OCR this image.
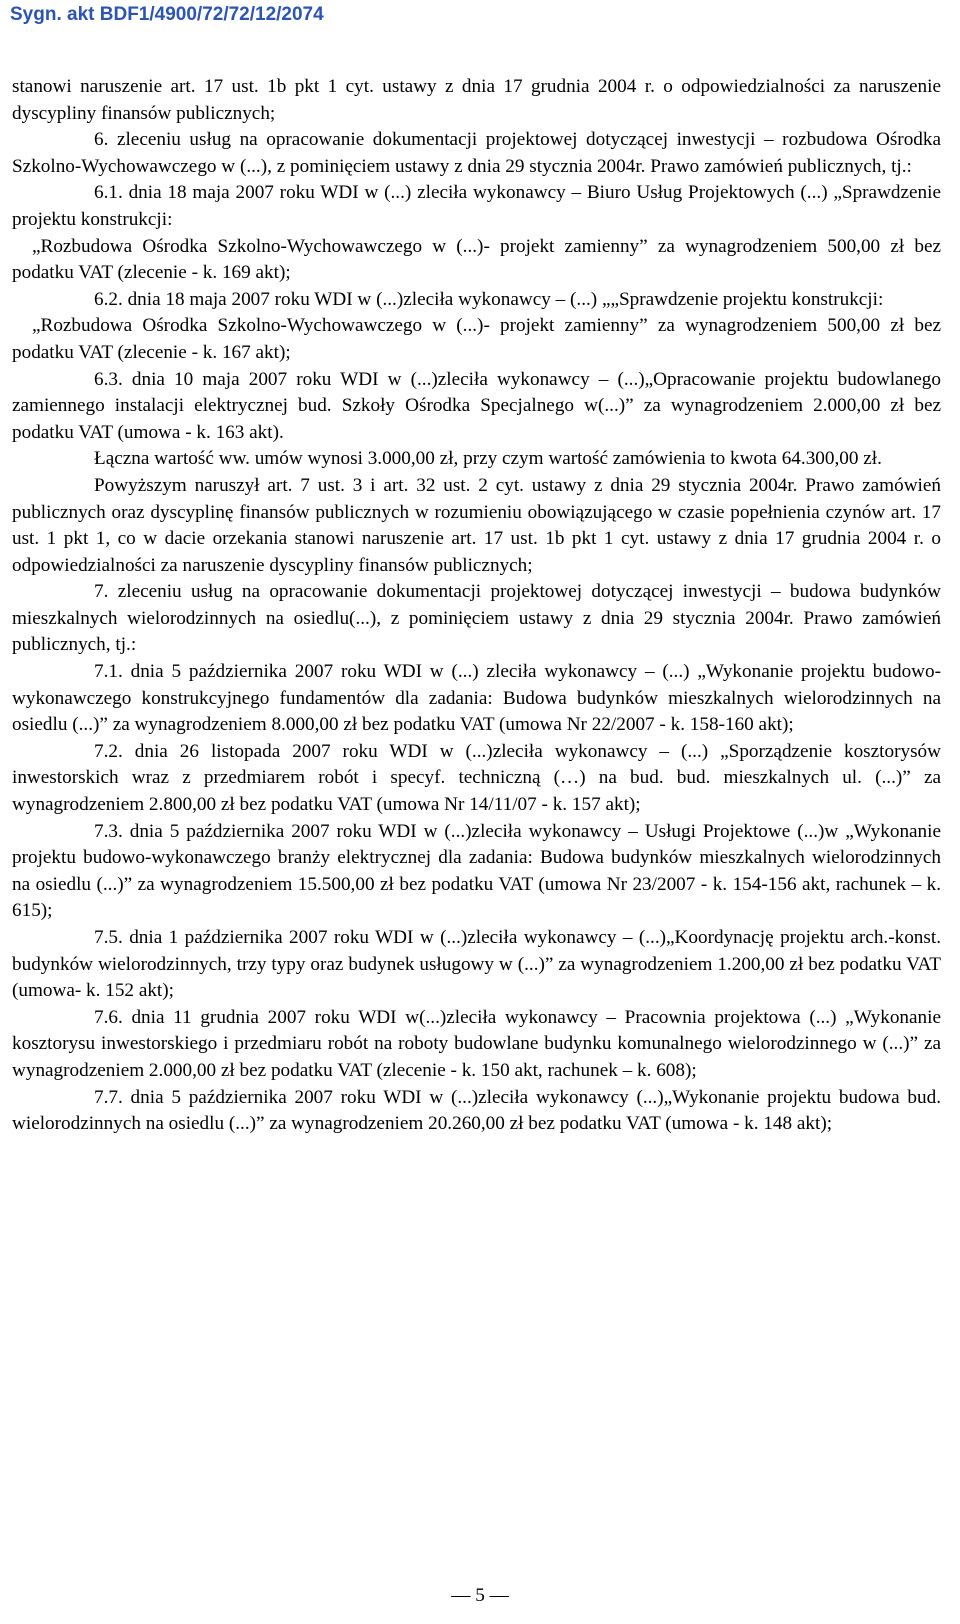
Sygn. akt BDF1/4900/72/72/12/2074

stanowi naruszenie art. 17 ust. 1b pkt 1 cyt. ustawy z dnia 17 grudnia 2004 r. o odpowiedzialności za naruszenie dyscypliny finansów publicznych;

6. zleceniu usług na opracowanie dokumentacji projektowej dotyczącej inwestycji – rozbudowa Ośrodka Szkolno-Wychowawczego w (...), z pominięciem ustawy z dnia 29 stycznia 2004r. Prawo zamówień publicznych, tj.:

6.1. dnia 18 maja 2007 roku WDI w (...) zleciła wykonawcy – Biuro Usług Projektowych (...) „Sprawdzenie projektu konstrukcji:

„Rozbudowa Ośrodka Szkolno-Wychowawczego w (...)- projekt zamienny” za wynagrodzeniem 500,00 zł bez podatku VAT (zlecenie - k. 169 akt);

6.2. dnia 18 maja 2007 roku WDI w (...)zleciła wykonawcy – (...) „„Sprawdzenie projektu konstrukcji:

„Rozbudowa Ośrodka Szkolno-Wychowawczego w (...)- projekt zamienny” za wynagrodzeniem 500,00 zł bez podatku VAT (zlecenie - k. 167 akt);

6.3. dnia 10 maja 2007 roku WDI w (...)zleciła wykonawcy – (...)„Opracowanie projektu budowlanego zamiennego instalacji elektrycznej bud. Szkoły Ośrodka Specjalnego w(...)” za wynagrodzeniem 2.000,00 zł bez podatku VAT (umowa - k. 163 akt).

Łączna wartość ww. umów wynosi 3.000,00 zł, przy czym wartość zamówienia to kwota 64.300,00 zł.

Powyższym naruszył art. 7 ust. 3 i art. 32 ust. 2 cyt. ustawy z dnia 29 stycznia 2004r. Prawo zamówień publicznych oraz dyscyplinę finansów publicznych w rozumieniu obowiązującego w czasie popełnienia czynów art. 17 ust. 1 pkt 1, co w dacie orzekania stanowi naruszenie art. 17 ust. 1b pkt 1 cyt. ustawy z dnia 17 grudnia 2004 r. o odpowiedzialności za naruszenie dyscypliny finansów publicznych;

7. zleceniu usług na opracowanie dokumentacji projektowej dotyczącej inwestycji – budowa budynków mieszkalnych wielorodzinnych na osiedlu(...), z pominięciem ustawy z dnia 29 stycznia 2004r. Prawo zamówień publicznych, tj.:

7.1. dnia 5 października 2007 roku WDI w (...) zleciła wykonawcy – (...) „Wykonanie projektu budowo-wykonawczego konstrukcyjnego fundamentów dla zadania: Budowa budynków mieszkalnych wielorodzinnych na osiedlu (...)” za wynagrodzeniem 8.000,00 zł bez podatku VAT (umowa Nr 22/2007 - k. 158-160 akt);

7.2. dnia 26 listopada 2007 roku WDI w (...)zleciła wykonawcy – (...) „Sporządzenie kosztorysów inwestorskich wraz z przedmiarem robót i specyf. techniczną (…) na bud. bud. mieszkalnych ul. (...)” za wynagrodzeniem 2.800,00 zł bez podatku VAT (umowa Nr 14/11/07 - k. 157 akt);

7.3. dnia 5 października 2007 roku WDI w (...)zleciła wykonawcy – Usługi Projektowe (...)w „Wykonanie projektu budowo-wykonawczego branży elektrycznej dla zadania: Budowa budynków mieszkalnych wielorodzinnych na osiedlu (...)” za wynagrodzeniem 15.500,00 zł bez podatku VAT (umowa Nr 23/2007 - k. 154-156 akt, rachunek – k. 615);

7.5. dnia 1 października 2007 roku WDI w (...)zleciła wykonawcy – (...)„Koordynację projektu arch.-konst. budynków wielorodzinnych, trzy typy oraz budynek usługowy w (...)” za wynagrodzeniem 1.200,00 zł bez podatku VAT (umowa- k. 152 akt);

7.6. dnia 11 grudnia 2007 roku WDI w(...)zleciła wykonawcy – Pracownia projektowa (...) „Wykonanie kosztorysu inwestorskiego i przedmiaru robót na roboty budowlane budynku komunalnego wielorodzinnego w (...)” za wynagrodzeniem 2.000,00 zł bez podatku VAT (zlecenie - k. 150 akt, rachunek – k. 608);

7.7. dnia 5 października 2007 roku WDI w (...)zleciła wykonawcy (...)„Wykonanie projektu budowa bud. wielorodzinnych na osiedlu (...)” za wynagrodzeniem 20.260,00 zł bez podatku VAT (umowa - k. 148 akt);

— 5 —
